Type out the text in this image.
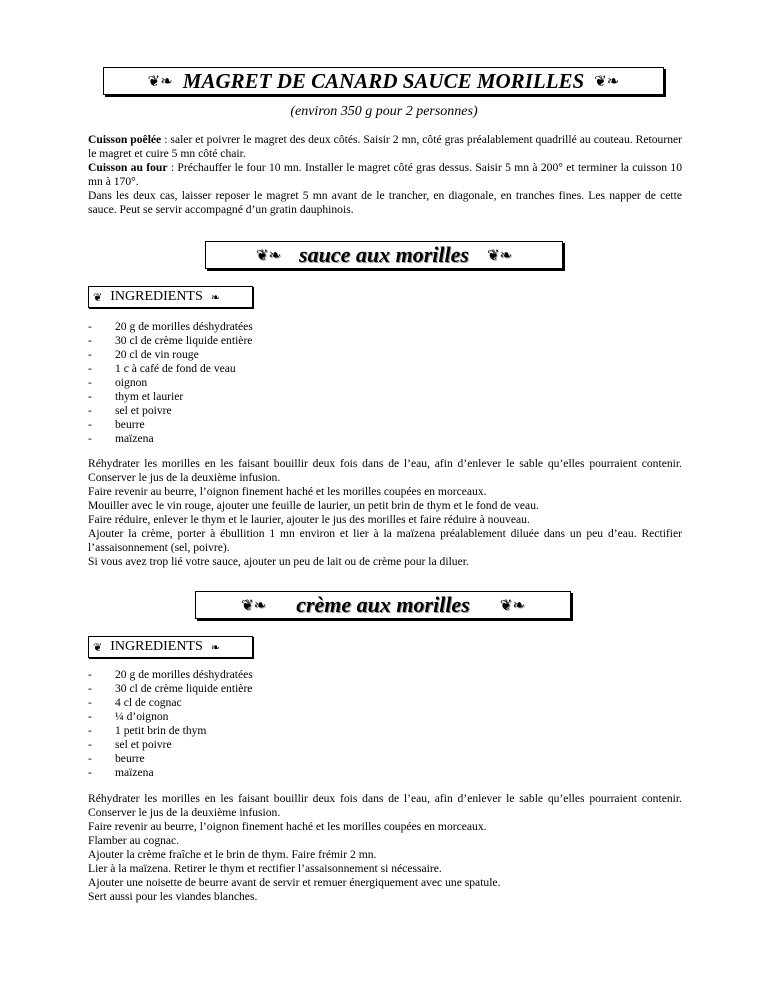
❦❧ MAGRET DE CANARD SAUCE MORILLES ❦❧
(environ 350 g pour 2 personnes)

Cuisson poêlée : saler et poivrer le magret des deux côtés. Saisir 2 mn, côté gras préalablement quadrillé au couteau. Retourner le magret et cuire 5 mn côté chair.

Cuisson au four : Préchauffer le four 10 mn. Installer le magret côté gras dessus. Saisir 5 mn à 200° et terminer la cuisson 10 mn à 170°.

Dans les deux cas, laisser reposer le magret 5 mn avant de le trancher, en diagonale, en tranches fines. Les napper de cette sauce. Peut se servir accompagné d’un gratin dauphinois.

❦❧ sauce aux morilles ❦❧
❦ INGREDIENTS ❧
- 20 g de morilles déshydratées
- 30 cl de crème liquide entière
- 20 cl de vin rouge
- 1 c à café de fond de veau
- oignon
- thym et laurier
- sel et poivre
- beurre
- maïzena

Réhydrater les morilles en les faisant bouillir deux fois dans de l’eau, afin d’enlever le sable qu’elles pourraient contenir. Conserver le jus de la deuxième infusion.

Faire revenir au beurre, l’oignon finement haché et les morilles coupées en morceaux.

Mouiller avec le vin rouge, ajouter une feuille de laurier, un petit brin de thym et le fond de veau.

Faire réduire, enlever le thym et le laurier, ajouter le jus des morilles et faire réduire à nouveau.

Ajouter la crème, porter à ébullition 1 mn environ et lier à la maïzena préalablement diluée dans un peu d’eau. Rectifier l’assaisonnement (sel, poivre).

Si vous avez trop lié votre sauce, ajouter un peu de lait ou de crème pour la diluer.

❦❧ crème aux morilles ❦❧
❦ INGREDIENTS ❧
- 20 g de morilles déshydratées
- 30 cl de crème liquide entière
- 4 cl de cognac
- ¼ d’oignon
- 1 petit brin de thym
- sel et poivre
- beurre
- maïzena

Réhydrater les morilles en les faisant bouillir deux fois dans de l’eau, afin d’enlever le sable qu’elles pourraient contenir. Conserver le jus de la deuxième infusion.

Faire revenir au beurre, l’oignon finement haché et les morilles coupées en morceaux.

Flamber au cognac.

Ajouter la crème fraîche et le brin de thym. Faire frémir 2 mn.

Lier à la maïzena. Retirer le thym et rectifier l’assaisonnement si nécessaire.

Ajouter une noisette de beurre avant de servir et remuer énergiquement avec une spatule.

Sert aussi pour les viandes blanches.
